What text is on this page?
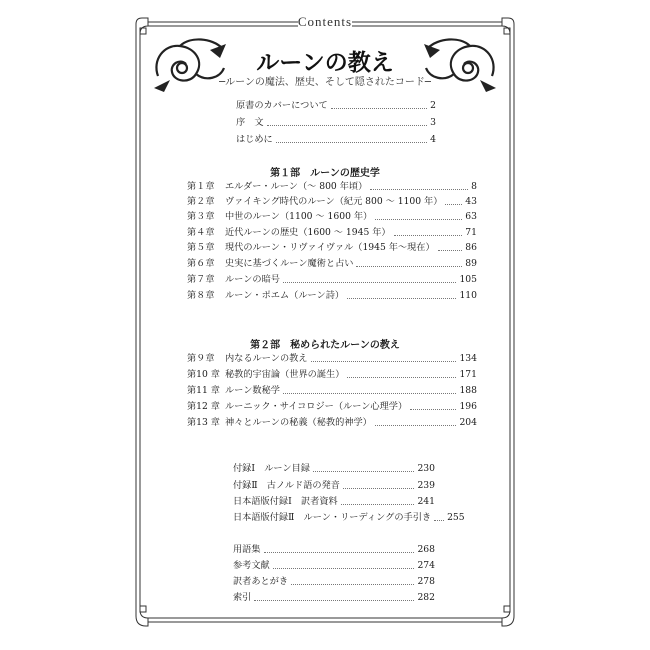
Contents
ルーンの教え
─ルーンの魔法、歴史、そして隠されたコード─
原書のカバーについて	2
序　文	3
はじめに	4
第１部　ルーンの歴史学
第１章 エルダー・ルーン（～ 800 年頃）	8
第２章 ヴァイキング時代のルーン（紀元 800 ～ 1100 年） 43
第３章 中世のルーン（1100 ～ 1600 年）	63
第４章 近代ルーンの歴史（1600 ～ 1945 年）	71
第５章 現代のルーン・リヴァイヴァル（1945 年～現在）	86
第６章 史実に基づくルーン魔術と占い	89
第７章 ルーンの暗号	105
第８章 ルーン・ポエム（ルーン詩）	110
第２部　秘められたルーンの教え
第９章 内なるルーンの教え	134
第10 章 秘教的宇宙論（世界の誕生）	171
第11 章 ルーン数秘学	188
第12 章 ルーニック・サイコロジー（ルーン心理学）	196
第13 章 神々とルーンの秘義（秘教的神学）	204
付録Ⅰ　ルーン目録	230
付録Ⅱ　古ノルド語の発音	239
日本語版付録Ⅰ　訳者資料	241
日本語版付録Ⅱ　ルーン・リーディングの手引き 255
用語集	268
参考文献	274
訳者あとがき	278
索引	282
